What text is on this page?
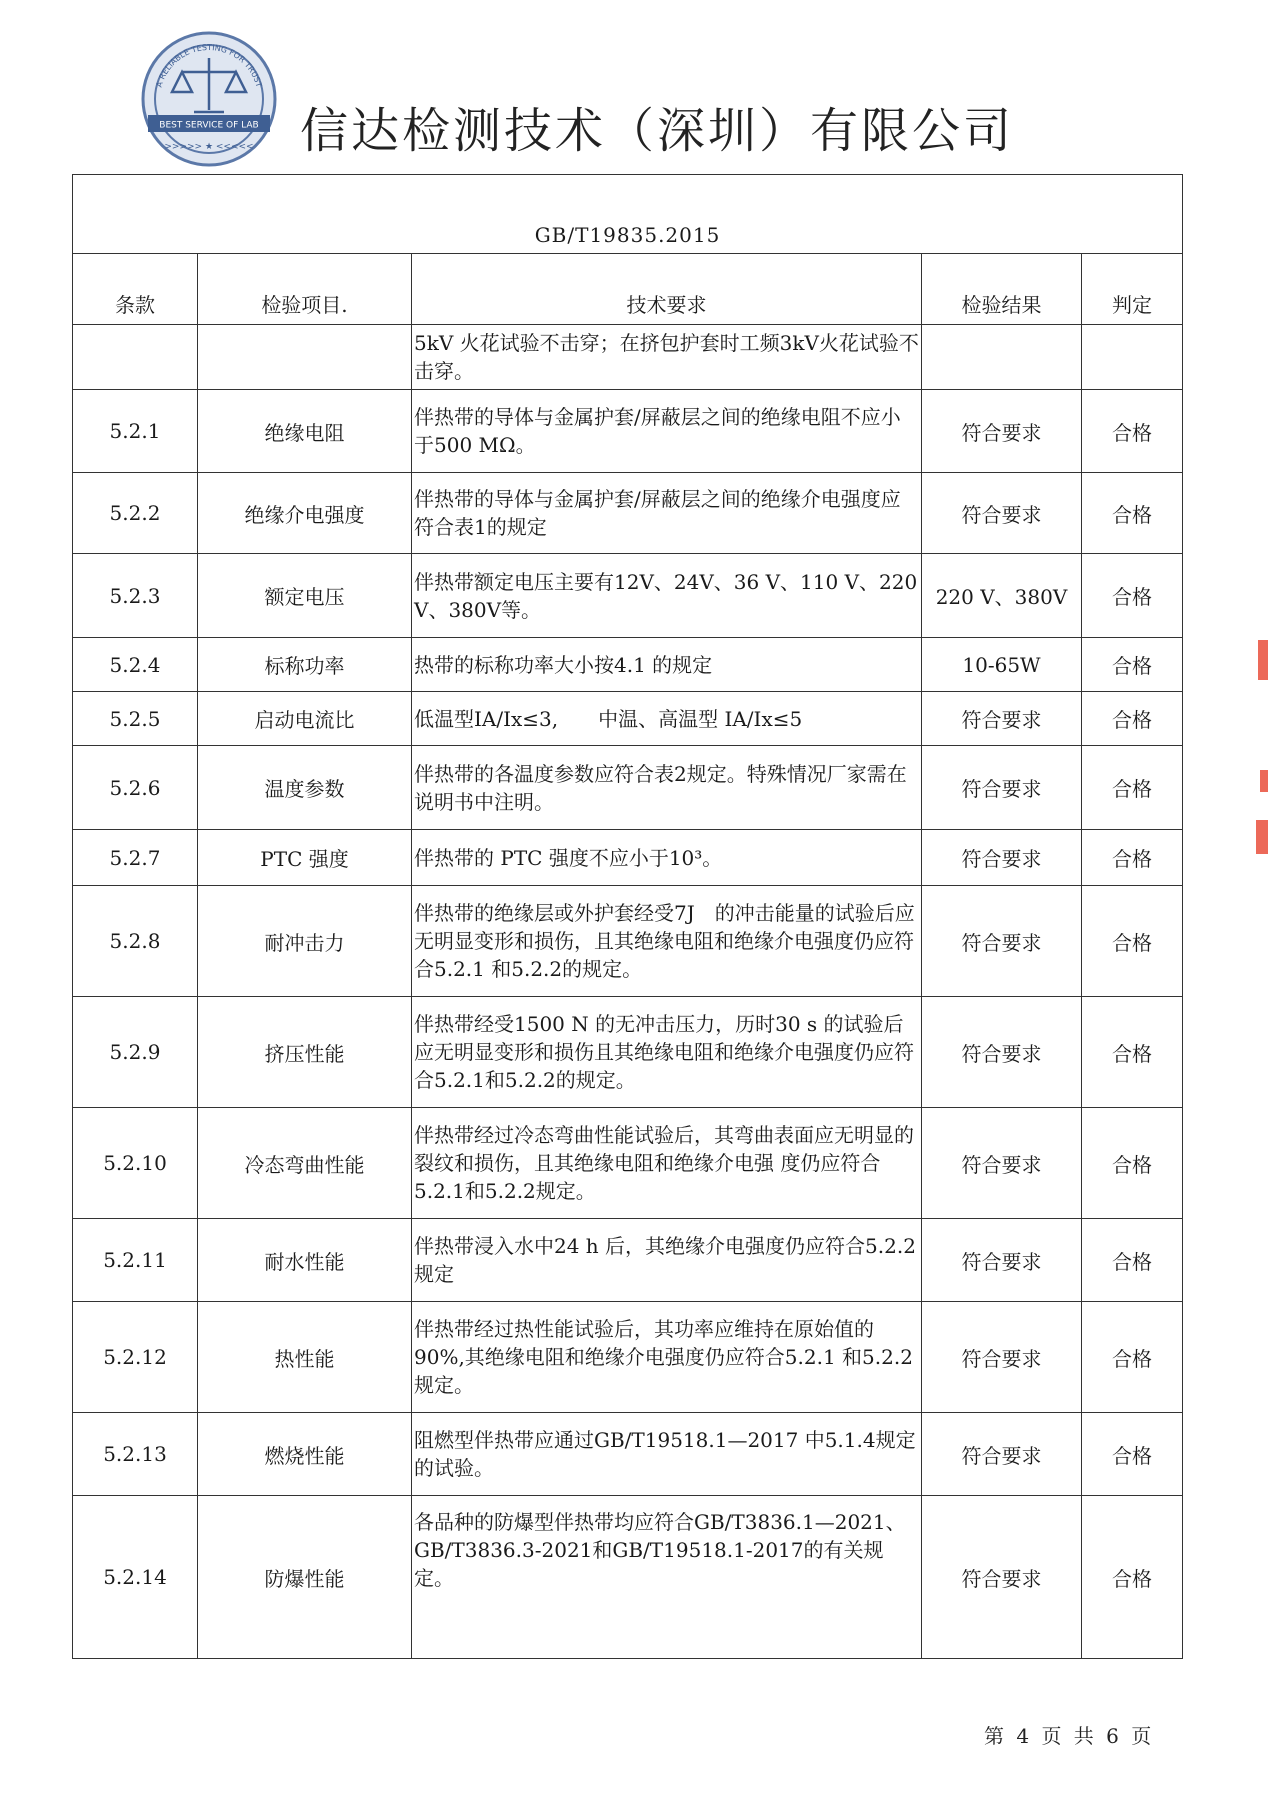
A RELIABLE TESTING FOR TRUST
BEST SERVICE OF LAB
>>>>> ★ <<<<< 信达检测技术（深圳）有限公司
GB/T19835.2015				
条款	检验项目.	技术要求	检验结果	判定
		5kV 火花试验不击穿；在挤包护套时工频3kV火花试验不击穿。		
5.2.1	绝缘电阻	伴热带的导体与金属护套/屏蔽层之间的绝缘电阻不应小于500 MΩ。	符合要求	合格
5.2.2	绝缘介电强度	伴热带的导体与金属护套/屏蔽层之间的绝缘介电强度应符合表1的规定	符合要求	合格
5.2.3	额定电压	伴热带额定电压主要有12V、24V、36 V、110 V、220 V、380V等。	220 V、380V	合格
5.2.4	标称功率	热带的标称功率大小按4.1 的规定	10-65W	合格
5.2.5	启动电流比	低温型IA/Ix≤3,　　中温、高温型 IA/Ix≤5	符合要求	合格
5.2.6	温度参数	伴热带的各温度参数应符合表2规定。特殊情况厂家需在说明书中注明。	符合要求	合格
5.2.7	PTC 强度	伴热带的 PTC 强度不应小于10³。	符合要求	合格
5.2.8	耐冲击力	伴热带的绝缘层或外护套经受7J　的冲击能量的试验后应无明显变形和损伤，且其绝缘电阻和绝缘介电强度仍应符合5.2.1 和5.2.2的规定。	符合要求	合格
5.2.9	挤压性能	伴热带经受1500 N 的无冲击压力，历时30 s 的试验后应无明显变形和损伤且其绝缘电阻和绝缘介电强度仍应符合5.2.1和5.2.2的规定。	符合要求	合格
5.2.10	冷态弯曲性能	伴热带经过冷态弯曲性能试验后，其弯曲表面应无明显的裂纹和损伤，且其绝缘电阻和绝缘介电强 度仍应符合5.2.1和5.2.2规定。	符合要求	合格
5.2.11	耐水性能	伴热带浸入水中24 h 后，其绝缘介电强度仍应符合5.2.2规定	符合要求	合格
5.2.12	热性能	伴热带经过热性能试验后，其功率应维持在原始值的90%,其绝缘电阻和绝缘介电强度仍应符合5.2.1 和5.2.2规定。	符合要求	合格
5.2.13	燃烧性能	阻燃型伴热带应通过GB/T19518.1—2017 中5.1.4规定的试验。	符合要求	合格
5.2.14	防爆性能	各品种的防爆型伴热带均应符合GB/T3836.1—2021、GB/T3836.3-2021和GB/T19518.1-2017的有关规定。	符合要求	合格
第 4 页 共 6 页
